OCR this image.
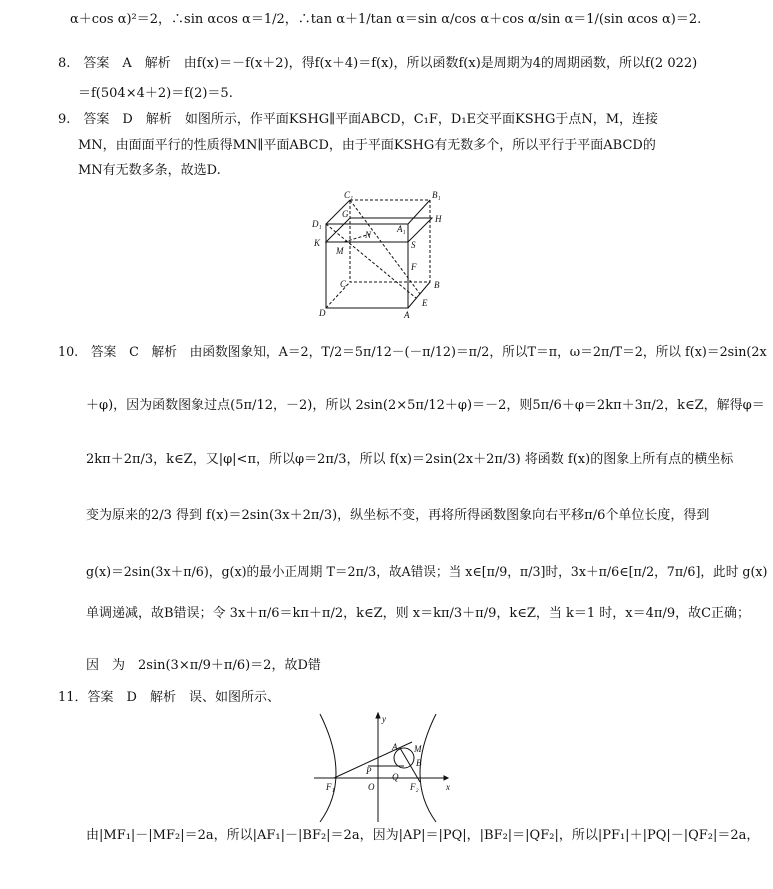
α＋cos α)²＝2，∴sin αcos α＝1/2，∴tan α＋1/tan α＝sin α/cos α＋cos α/sin α＝1/(sin αcos α)＝2.
8.　答案　A　解析　由f(x)＝－f(x＋2)，得f(x＋4)＝f(x)，所以函数f(x)是周期为4的周期函数，所以f(2 022)
＝f(504×4＋2)＝f(2)＝5.
9.　答案　D　解析　如图所示，作平面KSHG∥平面ABCD，C₁F，D₁E交平面KSHG于点N，M，连接
MN，由面面平行的性质得MN∥平面ABCD，由于平面KSHG有无数多个，所以平行于平面ABCD的
MN有无数多条，故选D.
C₁	B₁
G	H
D₁
N
A₁
K	S
M
F
C	B
D
E
A
10.　答案　C　解析　由函数图象知，A＝2，T/2＝5π/12－(－π/12)＝π/2，所以T＝π，ω＝2π/T＝2，所以 f(x)＝2sin(2x
＋φ)，因为函数图象过点(5π/12，－2)，所以 2sin(2×5π/12＋φ)＝－2，则5π/6＋φ＝2kπ＋3π/2，k∈Z，解得φ＝
2kπ＋2π/3，k∈Z，又|φ|<π，所以φ＝2π/3，所以 f(x)＝2sin(2x＋2π/3) 将函数 f(x)的图象上所有点的横坐标
变为原来的2/3 得到 f(x)＝2sin(3x＋2π/3)，纵坐标不变，再将所得函数图象向右平移π/6个单位长度，得到
g(x)＝2sin(3x＋π/6)，g(x)的最小正周期 T＝2π/3，故A错误；当 x∈[π/9，π/3]时，3x＋π/6∈[π/2，7π/6]，此时 g(x)
单调递减，故B错误；令 3x＋π/6＝kπ＋π/2，k∈Z，则 x＝kπ/3＋π/9，k∈Z，当 k＝1 时，x＝4π/9，故C正确；
因　为　2sin(3×π/9＋π/6)＝2，故D错
11．答案　D　解析　误、如图所示、
y
x
A M
B
P
Q
O
F₁	F₂
由|MF₁|－|MF₂|＝2a，所以|AF₁|－|BF₂|＝2a，因为|AP|＝|PQ|，|BF₂|＝|QF₂|，所以|PF₁|＋|PQ|－|QF₂|＝2a，
